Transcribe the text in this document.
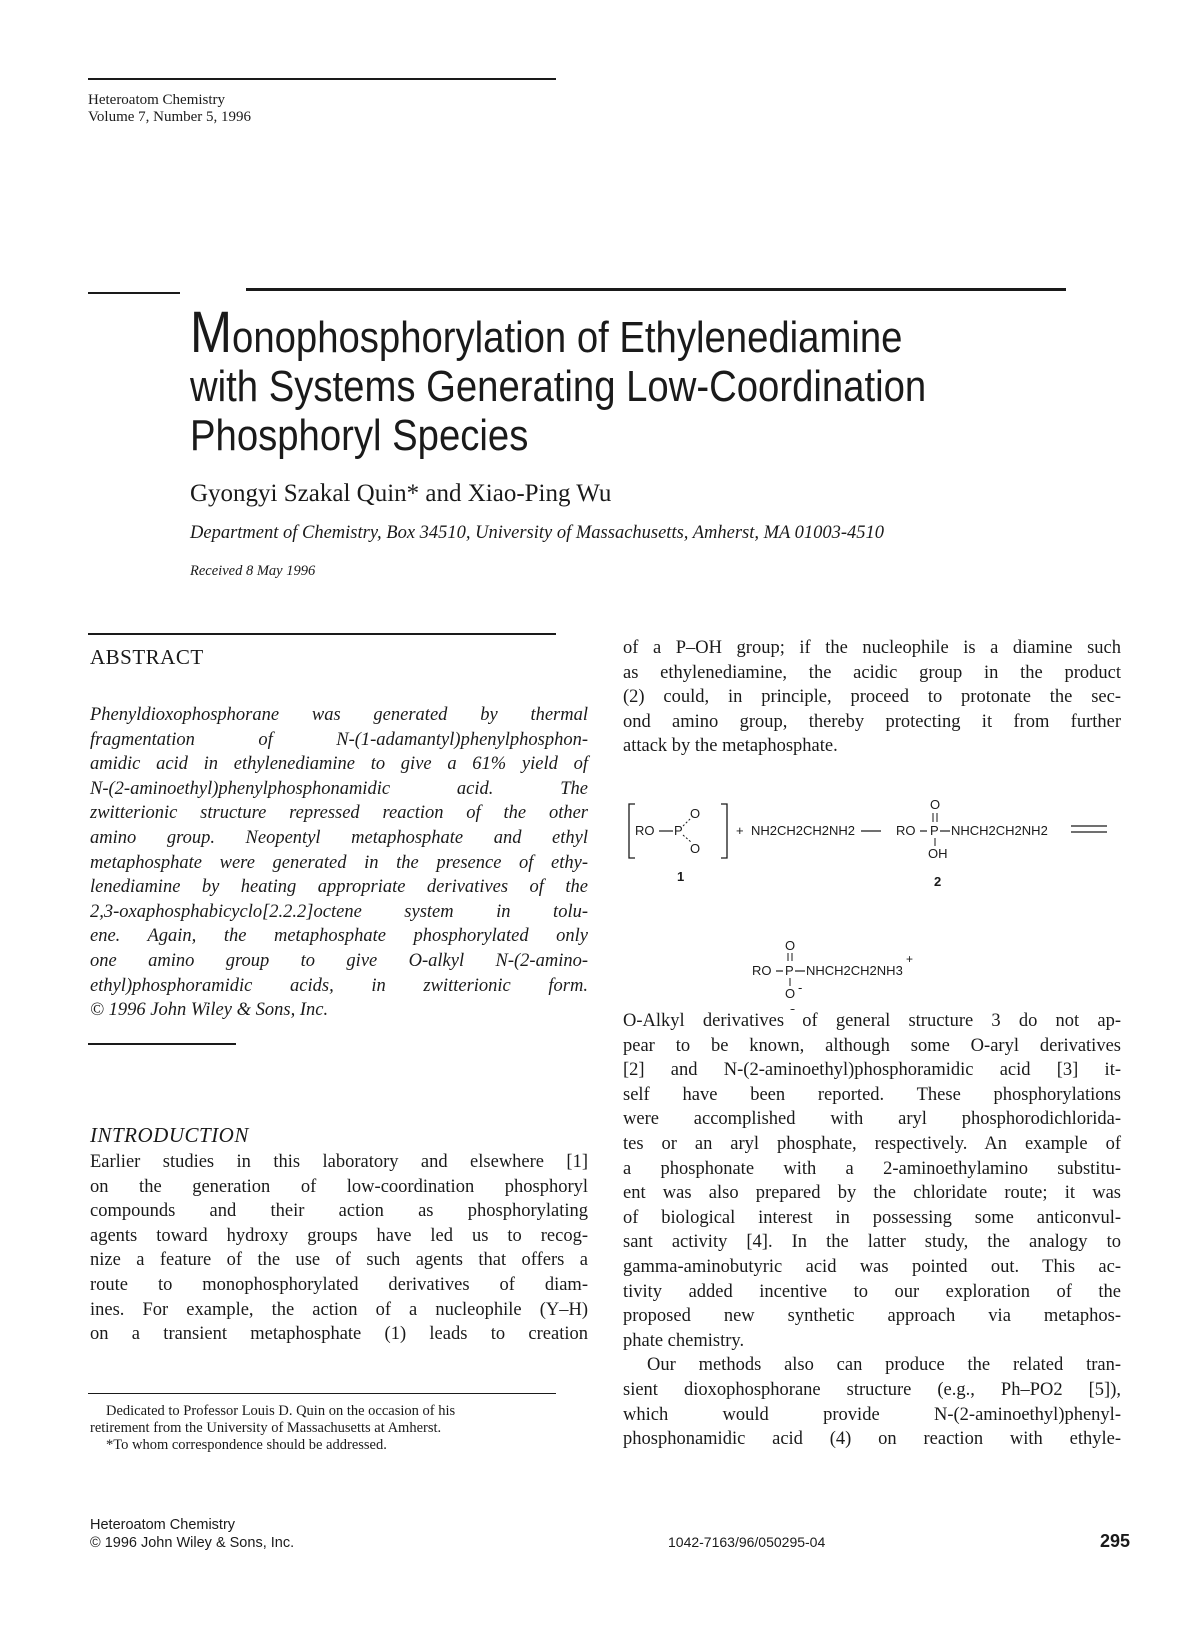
Heteroatom Chemistry
Volume 7, Number 5, 1996
Monophosphorylation of Ethylenediamine
with Systems Generating Low-Coordination
Phosphoryl Species
Gyongyi Szakal Quin* and Xiao-Ping Wu
Department of Chemistry, Box 34510, University of Massachusetts, Amherst, MA 01003-4510
Received 8 May 1996
ABSTRACT
Phenyldioxophosphorane was generated by thermal
fragmentation of N-(1-adamantyl)phenylphosphon-
amidic acid in ethylenediamine to give a 61% yield of
N-(2-aminoethyl)phenylphosphonamidic acid. The
zwitterionic structure repressed reaction of the other
amino group. Neopentyl metaphosphate and ethyl
metaphosphate were generated in the presence of ethy-
lenediamine by heating appropriate derivatives of the
2,3-oxaphosphabicyclo[2.2.2]octene system in tolu-
ene. Again, the metaphosphate phosphorylated only
one amino group to give O-alkyl N-(2-amino-
ethyl)phosphoramidic acids, in zwitterionic form.
© 1996 John Wiley & Sons, Inc.
INTRODUCTION
Earlier studies in this laboratory and elsewhere [1]
on the generation of low-coordination phosphoryl
compounds and their action as phosphorylating
agents toward hydroxy groups have led us to recog-
nize a feature of the use of such agents that offers a
route to monophosphorylated derivatives of diam-
ines. For example, the action of a nucleophile (Y–H)
on a transient metaphosphate (1) leads to creation
Dedicated to Professor Louis D. Quin on the occasion of his
retirement from the University of Massachusetts at Amherst.
*To whom correspondence should be addressed.
of a P–OH group; if the nucleophile is a diamine such
as ethylenediamine, the acidic group in the product
(2) could, in principle, proceed to protonate the sec-
ond amino group, thereby protecting it from further
attack by the metaphosphate.
RO P
O
O
1
+ NH2CH2CH2NH2	RO P
O
OH
NHCH2CH2NH2
2
O
RO P NHCH2CH2NH3
+
O -
O-Alkyl derivatives of general structure 3 do not ap-
pear to be known, although some O-aryl derivatives
[2] and N-(2-aminoethyl)phosphoramidic acid [3] it-
self have been reported. These phosphorylations
were accomplished with aryl phosphorodichlorida-
tes or an aryl phosphate, respectively. An example of
a phosphonate with a 2-aminoethylamino substitu-
ent was also prepared by the chloridate route; it was
of biological interest in possessing some anticonvul-
sant activity [4]. In the latter study, the analogy to
gamma-aminobutyric acid was pointed out. This ac-
tivity added incentive to our exploration of the
proposed new synthetic approach via metaphos-
phate chemistry.
Our methods also can produce the related tran-
sient dioxophosphorane structure (e.g., Ph–PO2 [5]),
which would provide N-(2-aminoethyl)phenyl-
phosphonamidic acid (4) on reaction with ethyle-
Heteroatom Chemistry
© 1996 John Wiley & Sons, Inc.	1042-7163/96/050295-04	295
